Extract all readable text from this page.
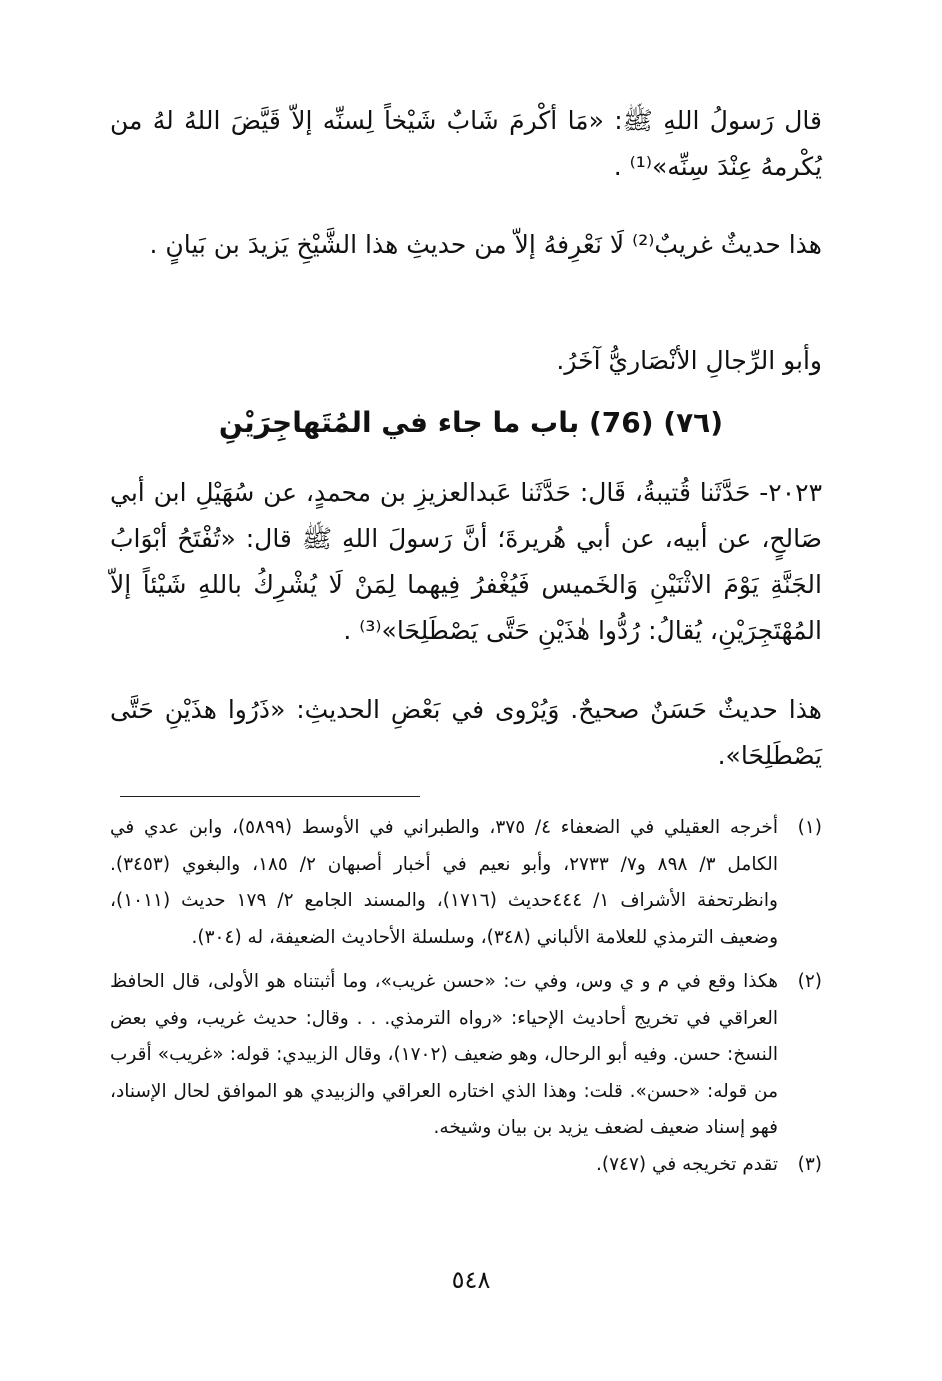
قال رَسولُ اللهِ ﷺ: «مَا أكْرمَ شَابٌ شَيْخاً لِسنِّه إلاّ قَيَّضَ اللهُ لهُ من يُكْرمهُ عِنْدَ سِنِّه»⁽¹⁾ .

هذا حديثٌ غريبٌ⁽²⁾ لَا نَعْرِفهُ إلاّ من حديثِ هذا الشَّيْخِ يَزيدَ بن بَيانٍ .

وأبو الرِّجالِ الأنْصَاريُّ آخَرُ.

(٧٦) (76) باب ما جاء في المُتَهاجِرَيْنِ

٢٠٢٣- حَدَّثَنا قُتيبةُ، قَال: حَدَّثَنا عَبدالعزيزِ بن محمدٍ، عن سُهَيْلِ ابن أبي صَالحٍ، عن أبيه، عن أبي هُريرةَ؛ أنَّ رَسولَ اللهِ ﷺ قال: «تُفْتَحُ أبْوَابُ الجَنَّةِ يَوْمَ الاثْنَيْنِ وَالخَميس فَيُغْفرُ فِيهما لِمَنْ لَا يُشْرِكُ باللهِ شَيْئاً إلاّ المُهْتَجِرَيْنِ، يُقالُ: رُدُّوا هٰذَيْنِ حَتَّى يَصْطَلِحَا»⁽³⁾ .

هذا حديثٌ حَسَنٌ صحيحٌ. وَيُرْوى في بَعْضِ الحديثِ: «ذَرُوا هذَيْنِ حَتَّى يَصْطَلِحَا».

(١)
أخرجه العقيلي في الضعفاء ٤/ ٣٧٥، والطبراني في الأوسط (٥٨٩٩)، وابن عدي في الكامل ٣/ ٨٩٨ و٧/ ٢٧٣٣، وأبو نعيم في أخبار أصبهان ٢/ ١٨٥، والبغوي (٣٤٥٣). وانظرتحفة الأشراف ١/ ٤٤٤حديث (١٧١٦)، والمسند الجامع ٢/ ١٧٩ حديث (١٠١١)، وضعيف الترمذي للعلامة الألباني (٣٤٨)، وسلسلة الأحاديث الضعيفة، له (٣٠٤).
(٢)
هكذا وقع في م و ي وس، وفي ت: «حسن غريب»، وما أثبتناه هو الأولى، قال الحافظ العراقي في تخريج أحاديث الإحياء: «رواه الترمذي. . . وقال: حديث غريب، وفي بعض النسخ: حسن. وفيه أبو الرحال، وهو ضعيف (١٧٠٢)، وقال الزبيدي: قوله: «غريب» أقرب من قوله: «حسن». قلت: وهذا الذي اختاره العراقي والزبيدي هو الموافق لحال الإسناد، فهو إسناد ضعيف لضعف يزيد بن بيان وشيخه.
(٣)
تقدم تخريجه في (٧٤٧).
٥٤٨
